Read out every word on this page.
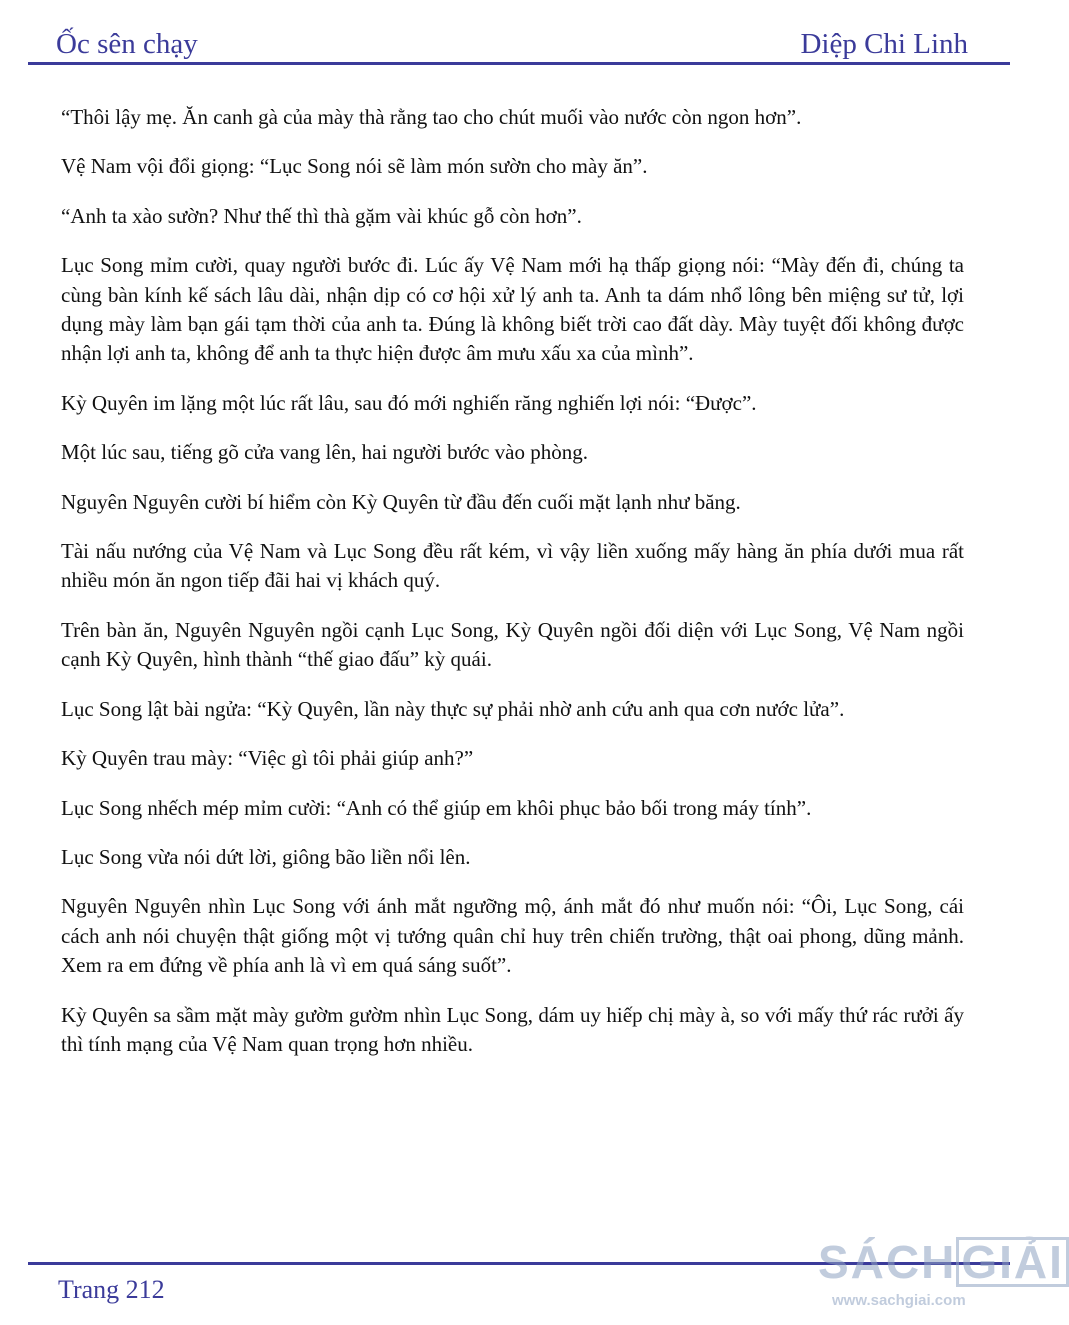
Ốc sên chạy	Diệp Chi Linh

“Thôi lậy mẹ. Ăn canh gà của mày thà rằng tao cho chút muối vào nước còn ngon hơn”.

Vệ Nam vội đổi giọng: “Lục Song nói sẽ làm món sườn cho mày ăn”.

“Anh ta xào sườn? Như thế thì thà gặm vài khúc gỗ còn hơn”.

Lục Song mỉm cười, quay người bước đi. Lúc ấy Vệ Nam mới hạ thấp giọng nói: “Mày đến đi, chúng ta cùng bàn kính kế sách lâu dài, nhận dịp có cơ hội xử lý anh ta. Anh ta dám nhổ lông bên miệng sư tử, lợi dụng mày làm bạn gái tạm thời của anh ta. Đúng là không biết trời cao đất dày. Mày tuyệt đối không được nhận lợi anh ta, không để anh ta thực hiện được âm mưu xấu xa của mình”.

Kỳ Quyên im lặng một lúc rất lâu, sau đó mới nghiến răng nghiến lợi nói: “Được”.

Một lúc sau, tiếng gõ cửa vang lên, hai người bước vào phòng.

Nguyên Nguyên cười bí hiểm còn Kỳ Quyên từ đầu đến cuối mặt lạnh như băng.

Tài nấu nướng của Vệ Nam và Lục Song đều rất kém, vì vậy liền xuống mấy hàng ăn phía dưới mua rất nhiều món ăn ngon tiếp đãi hai vị khách quý.

Trên bàn ăn, Nguyên Nguyên ngồi cạnh Lục Song, Kỳ Quyên ngồi đối diện với Lục Song, Vệ Nam ngồi cạnh Kỳ Quyên, hình thành “thế giao đấu” kỳ quái.

Lục Song lật bài ngửa: “Kỳ Quyên, lần này thực sự phải nhờ anh cứu anh qua cơn nước lửa”.

Kỳ Quyên trau mày: “Việc gì tôi phải giúp anh?”

Lục Song nhếch mép mỉm cười: “Anh có thể giúp em khôi phục bảo bối trong máy tính”.

Lục Song vừa nói dứt lời, giông bão liền nổi lên.

Nguyên Nguyên nhìn Lục Song với ánh mắt ngưỡng mộ, ánh mắt đó như muốn nói: “Ôi, Lục Song, cái cách anh nói chuyện thật giống một vị tướng quân chỉ huy trên chiến trường, thật oai phong, dũng mảnh. Xem ra em đứng về phía anh là vì em quá sáng suốt”.

Kỳ Quyên sa sầm mặt mày gườm gườm nhìn Lục Song, dám uy hiếp chị mày à, so với mấy thứ rác rưởi ấy thì tính mạng của Vệ Nam quan trọng hơn nhiều.

Trang 212
SÁCH GIẢI
www.sachgiai.com
